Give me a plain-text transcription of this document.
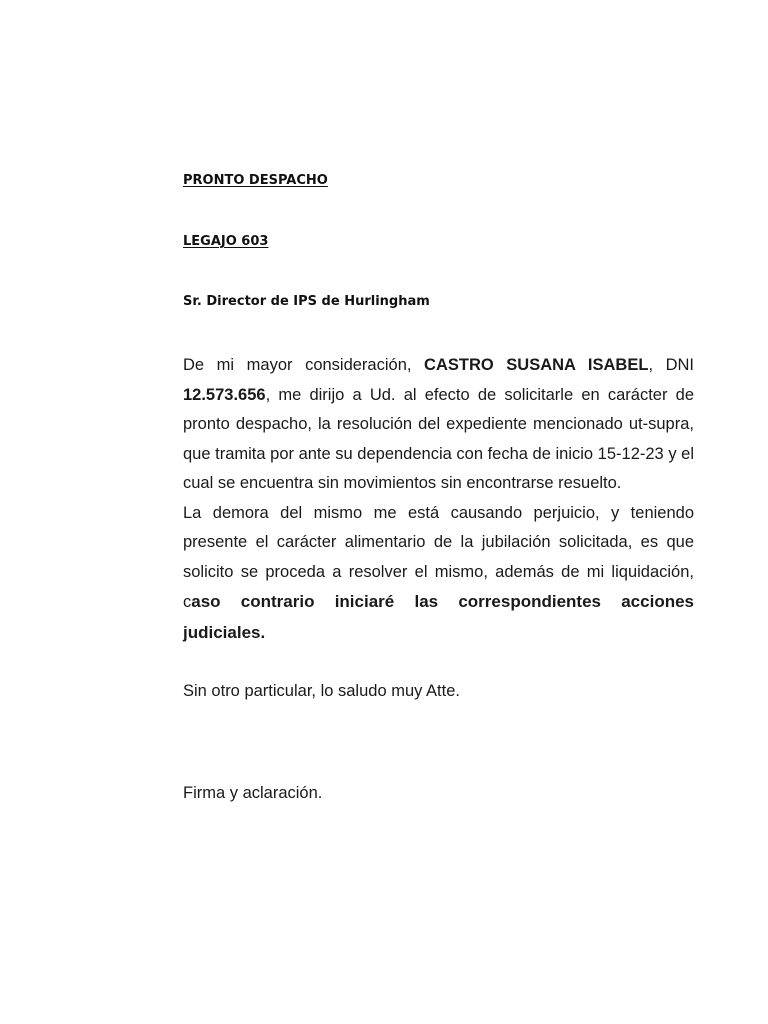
PRONTO DESPACHO
LEGAJO 603
Sr. Director de IPS de Hurlingham

De mi mayor consideración, CASTRO SUSANA ISABEL, DNI 12.573.656, me dirijo a Ud. al efecto de solicitarle en carácter de pronto despacho, la resolución del expediente mencionado ut-supra, que tramita por ante su dependencia con fecha de inicio 15-12-23 y el cual se encuentra sin movimientos sin encontrarse resuelto.

La demora del mismo me está causando perjuicio, y teniendo presente el carácter alimentario de la jubilación solicitada, es que solicito se proceda a resolver el mismo, además de mi liquidación, caso contrario iniciaré las correspondientes acciones judiciales.

Sin otro particular, lo saludo muy Atte.
Firma y aclaración.
